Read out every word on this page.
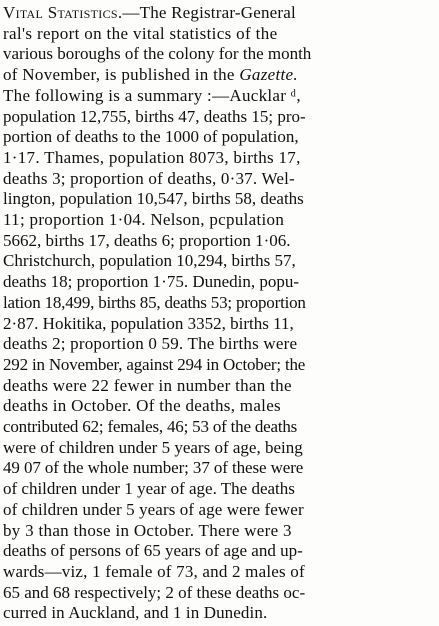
Vital Statistics.—The Registrar-General
ral's report on the vital statistics of the
various boroughs of the colony for the month
of November, is published in the Gazette.
The following is a summary :—Aucklar ᵈ,
population 12,755, births 47, deaths 15; pro-
portion of deaths to the 1000 of population,
1·17. Thames, population 8073, births 17,
deaths 3; proportion of deaths, 0·37. Wel-
lington, population 10,547, births 58, deaths
11; proportion 1·04. Nelson, pcpulation
5662, births 17, deaths 6; proportion 1·06.
Christchurch, population 10,294, births 57,
deaths 18; proportion 1·75. Dunedin, popu-
lation 18,499, births 85, deaths 53; proportion
2·87. Hokitika, population 3352, births 11,
deaths 2; proportion 0 59. The births were
292 in November, against 294 in October; the
deaths were 22 fewer in number than the
deaths in October. Of the deaths, males
contributed 62; females, 46; 53 of the deaths
were of children under 5 years of age, being
49 07 of the whole number; 37 of these were
of children under 1 year of age. The deaths
of children under 5 years of age were fewer
by 3 than those in October. There were 3
deaths of persons of 65 years of age and up-
wards—viz, 1 female of 73, and 2 males of
65 and 68 respectively; 2 of these deaths oc-
curred in Auckland, and 1 in Dunedin.
